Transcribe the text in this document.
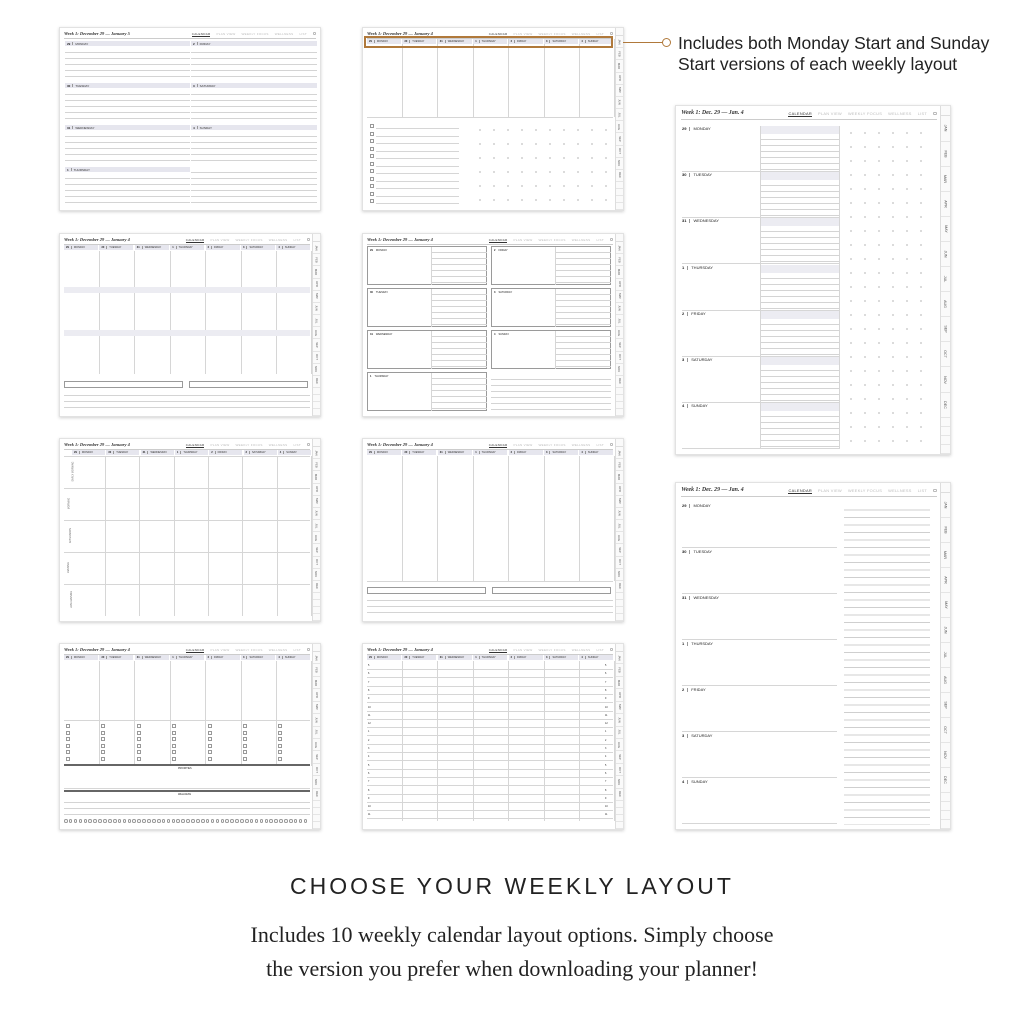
Week 1: December 29 — January 5	CALENDAR PLAN VIEW WEEKLY FOCUS WELLNESS LIST
29 MONDAY
30 TUESDAY
31 WEDNESDAY
1 THURSDAY
2 FRIDAY
3 SATURDAY
4 SUNDAY
Week 1: December 29 — January 4	CALENDAR PLAN VIEW WEEKLY FOCUS WELLNESS LIST
JAN
FEB
MAR
APR
MAY
JUN
JUL
AUG
SEP
OCT
NOV
DEC
29 MONDAY	30 TUESDAY	31 WEDNESDAY	1 THURSDAY	2 FRIDAY	3 SATURDAY	4 SUNDAY
Week 1: December 29 — January 4	CALENDAR PLAN VIEW WEEKLY FOCUS WELLNESS LIST
JAN
FEB
MAR
APR
MAY
JUN
JUL
AUG
SEP
OCT
NOV
DEC
29 MONDAY	30 TUESDAY	31 WEDNESDAY	1 THURSDAY	2 FRIDAY	3 SATURDAY	4 SUNDAY
Week 1: December 29 — January 4	CALENDAR PLAN VIEW WEEKLY FOCUS WELLNESS LIST
JAN
FEB
MAR
APR
MAY
JUN
JUL
AUG
SEP
OCT
NOV
DEC
29 MONDAY
30 TUESDAY
31 WEDNESDAY
1 THURSDAY
2 FRIDAY
3 SATURDAY
4 SUNDAY
Week 1: December 29 — January 4	CALENDAR PLAN VIEW WEEKLY FOCUS WELLNESS LIST
JAN
FEB
MAR
APR
MAY
JUN
JUL
AUG
SEP
OCT
NOV
DEC
29 MONDAY	30 TUESDAY	31 WEDNESDAY	1 THURSDAY	2 FRIDAY	3 SATURDAY	4 SUNDAY
EARLY MORNING
MORNING
AFTERNOON
EVENING
LATE EVENING
Week 1: December 29 — January 4	CALENDAR PLAN VIEW WEEKLY FOCUS WELLNESS LIST
JAN
FEB
MAR
APR
MAY
JUN
JUL
AUG
SEP
OCT
NOV
DEC
29 MONDAY	30 TUESDAY	31 WEDNESDAY	1 THURSDAY	2 FRIDAY	3 SATURDAY	4 SUNDAY
Week 1: December 29 — January 4	CALENDAR PLAN VIEW WEEKLY FOCUS WELLNESS LIST
JAN
FEB
MAR
APR
MAY
JUN
JUL
AUG
SEP
OCT
NOV
DEC
29 MONDAY	30 TUESDAY	31 WEDNESDAY	1 THURSDAY	2 FRIDAY	3 SATURDAY	4 SUNDAY
PRIORITIES
WELLNESS
Week 1: December 29 — January 4	CALENDAR PLAN VIEW WEEKLY FOCUS WELLNESS LIST
JAN
FEB
MAR
APR
MAY
JUN
JUL
AUG
SEP
OCT
NOV
DEC
29 MONDAY	30 TUESDAY	31 WEDNESDAY	1 THURSDAY	2 FRIDAY	3 SATURDAY	4 SUNDAY
5	5
6	6
7	7
8	8
9	9
10	10
11	11
12	12
1	1
2	2
3	3
4	4
5	5
6	6
7	7
8	8
9	9
10	10
11	11
Week 1: Dec. 29 — Jan. 4	CALENDAR PLAN VIEW WEEKLY FOCUS WELLNESS LIST
JAN
FEB
MAR
APR
MAY
JUN
JUL
AUG
SEP
OCT
NOV
DEC
29 MONDAY
30 TUESDAY
31 WEDNESDAY
1 THURSDAY
2 FRIDAY
3 SATURDAY
4 SUNDAY
Week 1: Dec. 29 — Jan. 4	CALENDAR PLAN VIEW WEEKLY FOCUS WELLNESS LIST
JAN
FEB
MAR
APR
MAY
JUN
JUL
AUG
SEP
OCT
NOV
DEC
29 MONDAY
30 TUESDAY
31 WEDNESDAY
1 THURSDAY
2 FRIDAY
3 SATURDAY
4 SUNDAY
Includes both Monday Start and Sunday
Start versions of each weekly layout
CHOOSE YOUR WEEKLY LAYOUT
Includes 10 weekly calendar layout options. Simply choose
the version you prefer when downloading your planner!
